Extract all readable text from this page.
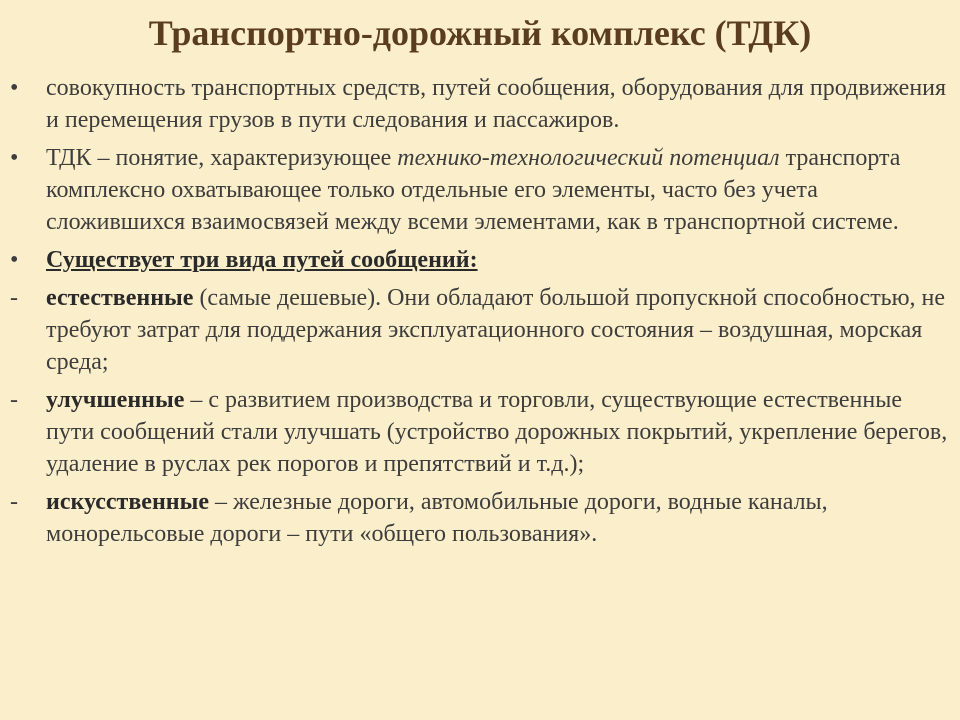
Транспортно-дорожный комплекс (ТДК)
• совокупность транспортных средств, путей сообщения, оборудования для продвижения и перемещения грузов в пути следования и пассажиров.
• ТДК – понятие, характеризующее технико-технологический потенциал транспорта комплексно охватывающее только отдельные его элементы, часто без учета сложившихся взаимосвязей между всеми элементами, как в транспортной системе.
• Существует три вида путей сообщений:
- естественные (самые дешевые). Они обладают большой пропускной способностью, не требуют затрат для поддержания эксплуатационного состояния – воздушная, морская среда;
- улучшенные – с развитием производства и торговли, существующие естественные пути сообщений стали улучшать (устройство дорожных покрытий, укрепление берегов, удаление в руслах рек порогов и препятствий и т.д.);
- искусственные – железные дороги, автомобильные дороги, водные каналы, монорельсовые дороги – пути «общего пользования».
